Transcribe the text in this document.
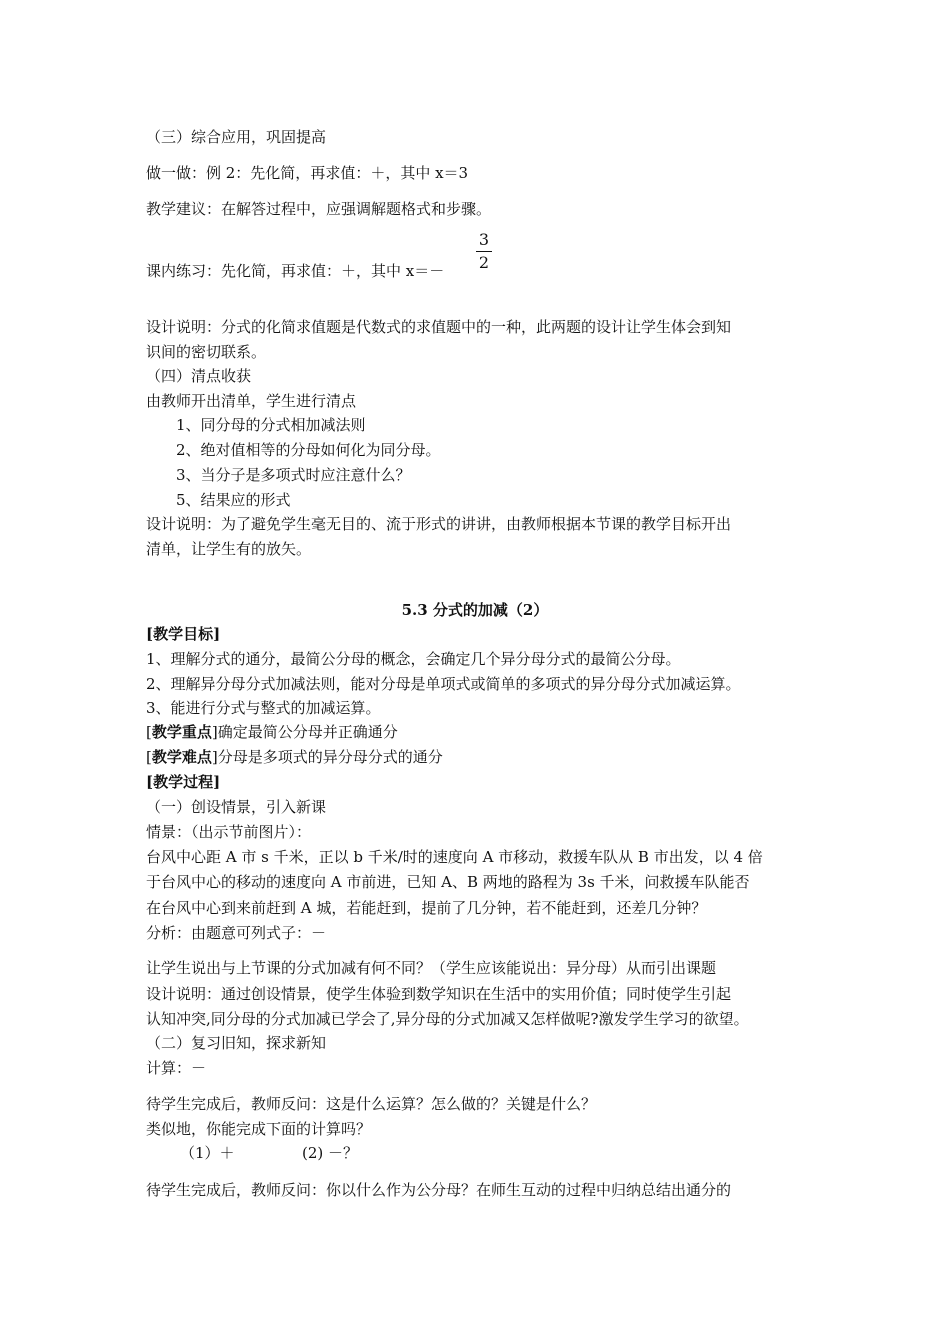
（三）综合应用，巩固提高
做一做：例 2：先化简，再求值：＋，其中 x＝3
教学建议：在解答过程中，应强调解题格式和步骤。
课内练习：先化简，再求值：＋，其中 x＝－
3
2
设计说明：分式的化简求值题是代数式的求值题中的一种，此两题的设计让学生体会到知
识间的密切联系。
（四）清点收获
由教师开出清单，学生进行清点
1、同分母的分式相加减法则
2、绝对值相等的分母如何化为同分母。
3、当分子是多项式时应注意什么？
5、结果应的形式
设计说明：为了避免学生毫无目的、流于形式的讲讲，由教师根据本节课的教学目标开出
清单，让学生有的放矢。
5.3 分式的加减（2）
[教学目标]
1、理解分式的通分，最简公分母的概念，会确定几个异分母分式的最简公分母。
2、理解异分母分式加减法则，能对分母是单项式或简单的多项式的异分母分式加减运算。
3、能进行分式与整式的加减运算。
[教学重点]确定最简公分母并正确通分
[教学难点]分母是多项式的异分母分式的通分
[教学过程]
（一）创设情景，引入新课
情景：（出示节前图片）：
台风中心距 A 市 s 千米，正以 b 千米/时的速度向 A 市移动，救援车队从 B 市出发，以 4 倍
于台风中心的移动的速度向 A 市前进，已知 A、B 两地的路程为 3s 千米，问救援车队能否
在台风中心到来前赶到 A 城，若能赶到，提前了几分钟，若不能赶到，还差几分钟？
分析：由题意可列式子：－
让学生说出与上节课的分式加减有何不同？（学生应该能说出：异分母）从而引出课题
设计说明：通过创设情景，使学生体验到数学知识在生活中的实用价值；同时使学生引起
认知冲突,同分母的分式加减已学会了,异分母的分式加减又怎样做呢?激发学生学习的欲望。
（二）复习旧知，探求新知
计算：－
待学生完成后，教师反问：这是什么运算？怎么做的？关键是什么？
类似地，你能完成下面的计算吗？
（1）＋	(2) －？
待学生完成后，教师反问：你以什么作为公分母？在师生互动的过程中归纳总结出通分的
